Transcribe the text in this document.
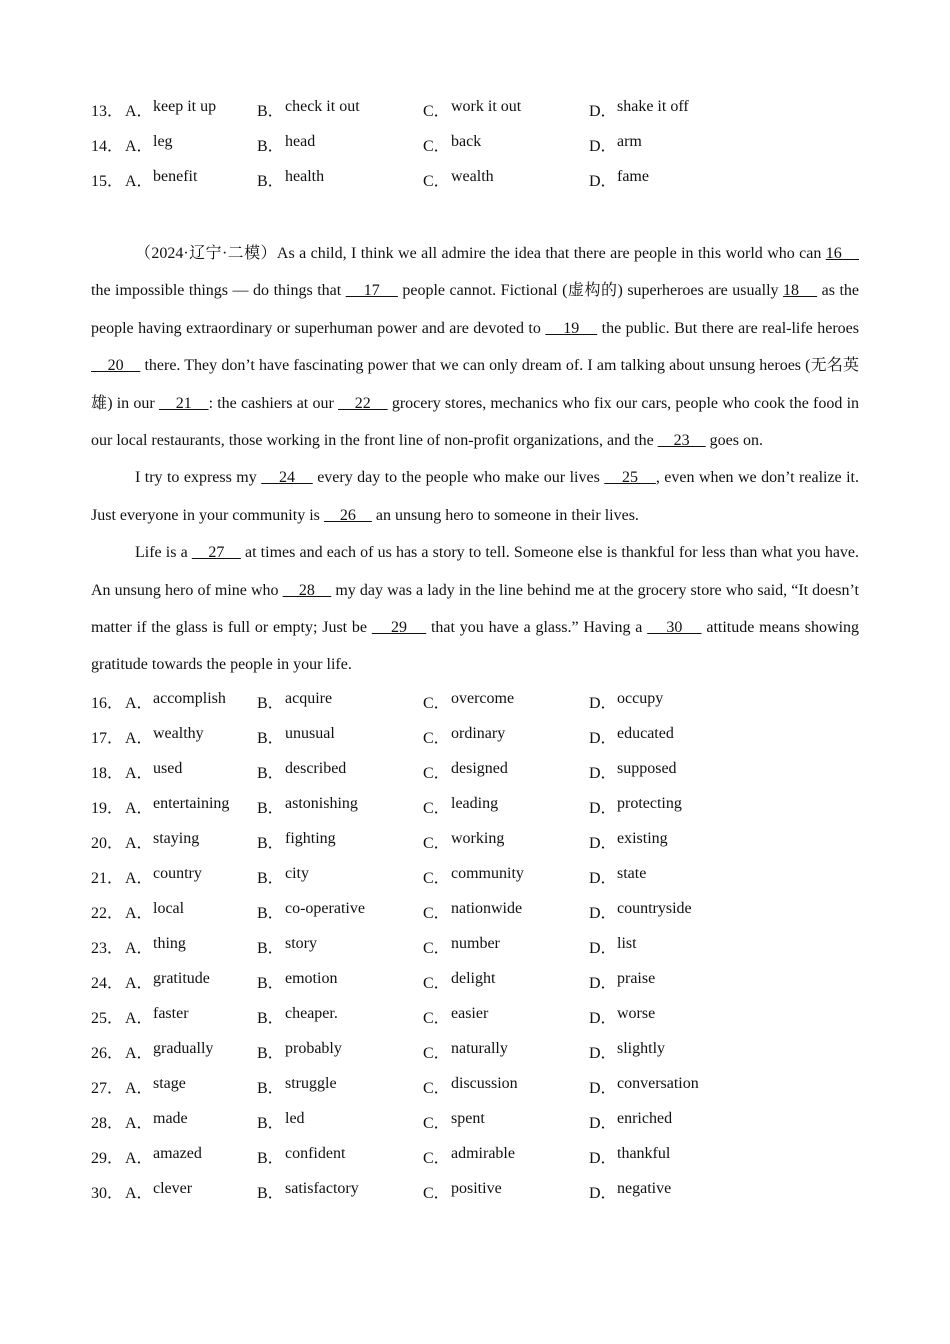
13． A． keep it up	B． check it out	C． work it out	D． shake it off
14． A． leg	B． head	C． back	D． arm
15． A． benefit	B． health	C． wealth	D． fame

（2024·辽宁·二模）As a child, I think we all admire the idea that there are people in this world who can 16     the impossible things — do things that     17     people cannot. Fictional (虚构的) superheroes are usually 18     as the people having extraordinary or superhuman power and are devoted to     19     the public. But there are real-life heroes     20     there. They don’t have fascinating power that we can only dream of. I am talking about unsung heroes (无名英雄) in our     21    : the cashiers at our     22     grocery stores, mechanics who fix our cars, people who cook the food in our local restaurants, those working in the front line of non-profit organizations, and the     23     goes on.

I try to express my     24     every day to the people who make our lives     25    , even when we don’t realize it. Just everyone in your community is     26     an unsung hero to someone in their lives.

Life is a     27     at times and each of us has a story to tell. Someone else is thankful for less than what you have. An unsung hero of mine who     28     my day was a lady in the line behind me at the grocery store who said, “It doesn’t matter if the glass is full or empty; Just be     29     that you have a glass.” Having a     30     attitude means showing gratitude towards the people in your life.

16． A． accomplish B． acquire	C． overcome	D． occupy
17． A． wealthy	B． unusual	C． ordinary	D． educated
18． A． used	B． described	C． designed	D． supposed
19． A． entertaining B． astonishing	C． leading	D． protecting
20． A． staying	B． fighting	C． working	D． existing
21． A． country	B． city	C． community	D． state
22． A． local	B． co-operative	C． nationwide	D． countryside
23． A． thing	B． story	C． number	D． list
24． A． gratitude	B． emotion	C． delight	D． praise
25． A． faster	B． cheaper.	C． easier	D． worse
26． A． gradually	B． probably	C． naturally	D． slightly
27． A． stage	B． struggle	C． discussion	D． conversation
28． A． made	B． led	C． spent	D． enriched
29． A． amazed	B． confident	C． admirable	D． thankful
30． A． clever	B． satisfactory	C． positive	D． negative
